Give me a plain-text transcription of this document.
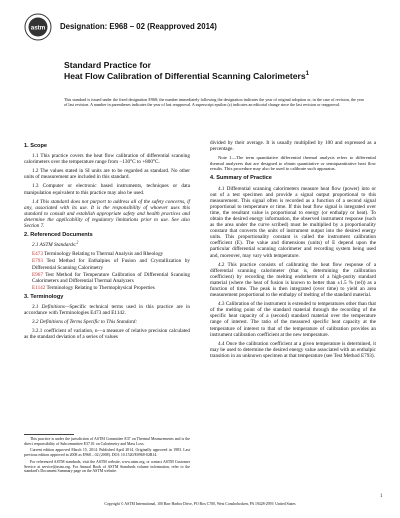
astm Designation: E968 – 02 (Reapproved 2014)
Standard Practice for
Heat Flow Calibration of Differential Scanning Calorimeters$^1$
This standard is issued under the fixed designation E968; the number immediately following the designation indicates the year of original adoption or, in the case of revision, the year of last revision. A number in parentheses indicates the year of last reapproval. A superscript epsilon (ε) indicates an editorial change since the last revision or reapproval.
1. Scope

1.1 This practice covers the heat flow calibration of differential scanning calorimeters over the temperature range from −130°C to +800°C.

1.2 The values stated in SI units are to be regarded as standard. No other units of measurement are included in this standard.

1.3 Computer or electronic based instruments, techniques or data manipulation equivalent to this practice may also be used.

1.4 This standard does not purport to address all of the safety concerns, if any, associated with its use. It is the responsibility of whoever uses this standard to consult and establish appropriate safety and health practices and determine the applicability of regulatory limitations prior to use. See also Section 7.

2. Referenced Documents

2.1 ASTM Standards:$^2$

E473 Terminology Relating to Thermal Analysis and Rheology

E793 Test Method for Enthalpies of Fusion and Crystallization by Differential Scanning Calorimetry

E967 Test Method for Temperature Calibration of Differential Scanning Calorimeters and Differential Thermal Analyzers

E1142 Terminology Relating to Thermophysical Properties

3. Terminology

3.1 Definitions—Specific technical terms used in this practice are in accordance with Terminologies E473 and E1142.

3.2 Definitions of Terms Specific to This Standard:

3.2.1 coefficient of variation, n—a measure of relative precision calculated as the standard deviation of a series of values

This practice is under the jurisdiction of ASTM Committee E37 on Thermal Measurements and is the direct responsibility of Subcommittee E37.01 on Calorimetry and Mass Loss.

Current edition approved March 15, 2014. Published April 2014. Originally approved in 1983. Last previous edition approved in 2008 as E968 – 02 (2008). DOI: 10.1520/E0968-02R14.

For referenced ASTM standards, visit the ASTM website, www.astm.org, or contact ASTM Customer Service at service@astm.org. For Annual Book of ASTM Standards volume information, refer to the standard's Document Summary page on the ASTM website.

divided by their average. It is usually multiplied by 100 and expressed as a percentage.

Note 1—The term quantitative differential thermal analysis refers to differential thermal analyzers that are designed to obtain quantitative or semiquantitative heat flow results. This procedure may also be used to calibrate such apparatus.

4. Summary of Practice

4.1 Differential scanning calorimeters measure heat flow (power) into or out of a test specimen and provide a signal output proportional to this measurement. This signal often is recorded as a function of a second signal proportional to temperature or time. If this heat flow signal is integrated over time, the resultant value is proportional to energy (or enthalpy or heat). To obtain the desired energy information, the observed instrument response (such as the area under the curve scribed) must be multiplied by a proportionality constant that converts the units of instrument output into the desired energy units. This proportionality constant is called the instrument calibration coefficient (E). The value and dimensions (units) of E depend upon the particular differential scanning calorimeter and recording system being used and, moreover, may vary with temperature.

4.2 This practice consists of calibrating the heat flow response of a differential scanning calorimeter (that is, determining the calibration coefficient) by recording the melting endotherm of a high-purity standard material (where the heat of fusion is known to better than ±1.5 % (rel)) as a function of time. The peak is then integrated (over time) to yield an area measurement proportional to the enthalpy of melting of the standard material.

4.3 Calibration of the instrument is extended to temperatures other than that of the melting point of the standard material through the recording of the specific heat capacity of a (second) standard material over the temperature range of interest. The ratio of the measured specific heat capacity at the temperature of interest to that of the temperature of calibration provides an instrument calibration coefficient at the new temperature.

4.4 Once the calibration coefficient at a given temperature is determined, it may be used to determine the desired energy value associated with an enthalpic transition in an unknown specimen at that temperature (see Test Method E793).

1
Copyright © ASTM International, 100 Barr Harbor Drive, PO Box C700, West Conshohocken, PA 19428-2959. United States
